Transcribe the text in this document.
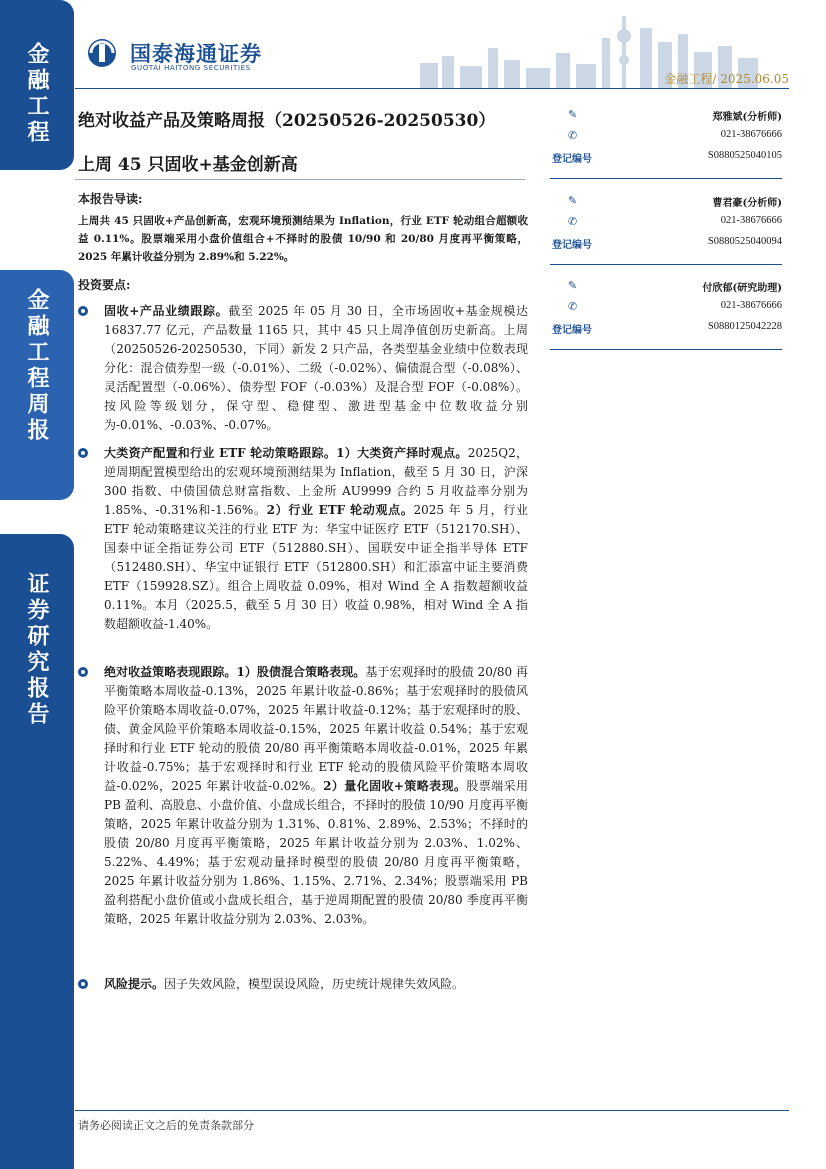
金融工程
金融工程周报
证券研究报告
国泰海通证券
GUOTAI HAITONG SECURITIES
金融工程/ 2025.06.05
绝对收益产品及策略周报（20250526-20250530）
上周 45 只固收+基金创新高
本报告导读:
上周共 45 只固收+产品创新高，宏观环境预测结果为 Inflation，行业 ETF 轮动组合超额收益 0.11%。股票端采用小盘价值组合+不择时的股债 10/90 和 20/80 月度再平衡策略，2025 年累计收益分别为 2.89%和 5.22%。
投资要点:
固收+产品业绩跟踪。截至 2025 年 05 月 30 日，全市场固收+基金规模达 16837.77 亿元，产品数量 1165 只，其中 45 只上周净值创历史新高。上周（20250526-20250530，下同）新发 2 只产品，各类型基金业绩中位数表现分化：混合债券型一级（-0.01%）、二级（-0.02%）、偏债混合型（-0.08%）、灵活配置型（-0.06%）、债券型 FOF（-0.03%）及混合型 FOF（-0.08%）。按风险等级划分，保守型、稳健型、激进型基金中位数收益分别为-0.01%、-0.03%、-0.07%。
大类资产配置和行业 ETF 轮动策略跟踪。1）大类资产择时观点。2025Q2，逆周期配置模型给出的宏观环境预测结果为 Inflation，截至 5 月 30 日，沪深 300 指数、中债国债总财富指数、上金所 AU9999 合约 5 月收益率分别为 1.85%、-0.31%和-1.56%。2）行业 ETF 轮动观点。2025 年 5 月，行业 ETF 轮动策略建议关注的行业 ETF 为：华宝中证医疗 ETF（512170.SH）、国泰中证全指证券公司 ETF（512880.SH）、国联安中证全指半导体 ETF（512480.SH）、华宝中证银行 ETF（512800.SH）和汇添富中证主要消费 ETF（159928.SZ）。组合上周收益 0.09%，相对 Wind 全 A 指数超额收益 0.11%。本月（2025.5，截至 5 月 30 日）收益 0.98%，相对 Wind 全 A 指数超额收益-1.40%。
绝对收益策略表现跟踪。1）股债混合策略表现。基于宏观择时的股债 20/80 再平衡策略本周收益-0.13%，2025 年累计收益-0.86%；基于宏观择时的股债风险平价策略本周收益-0.07%，2025 年累计收益-0.12%；基于宏观择时的股、债、黄金风险平价策略本周收益-0.15%，2025 年累计收益 0.54%；基于宏观择时和行业 ETF 轮动的股债 20/80 再平衡策略本周收益-0.01%，2025 年累计收益-0.75%；基于宏观择时和行业 ETF 轮动的股债风险平价策略本周收益-0.02%，2025 年累计收益-0.02%。2）量化固收+策略表现。股票端采用 PB 盈利、高股息、小盘价值、小盘成长组合，不择时的股债 10/90 月度再平衡策略，2025 年累计收益分别为 1.31%、0.81%、2.89%、2.53%；不择时的股债 20/80 月度再平衡策略，2025 年累计收益分别为 2.03%、1.02%、5.22%、4.49%；基于宏观动量择时模型的股债 20/80 月度再平衡策略，2025 年累计收益分别为 1.86%、1.15%、2.71%、2.34%；股票端采用 PB 盈利搭配小盘价值或小盘成长组合，基于逆周期配置的股债 20/80 季度再平衡策略，2025 年累计收益分别为 2.03%、2.03%。
风险提示。因子失效风险，模型误设风险，历史统计规律失效风险。
✎	郑雅斌(分析师)
✆	021-38676666
登记编号	S0880525040105
✎	曹君豪(分析师)
✆	021-38676666
登记编号	S0880525040094
✎	付欣郁(研究助理)
✆	021-38676666
登记编号	S0880125042228
请务必阅读正文之后的免责条款部分
